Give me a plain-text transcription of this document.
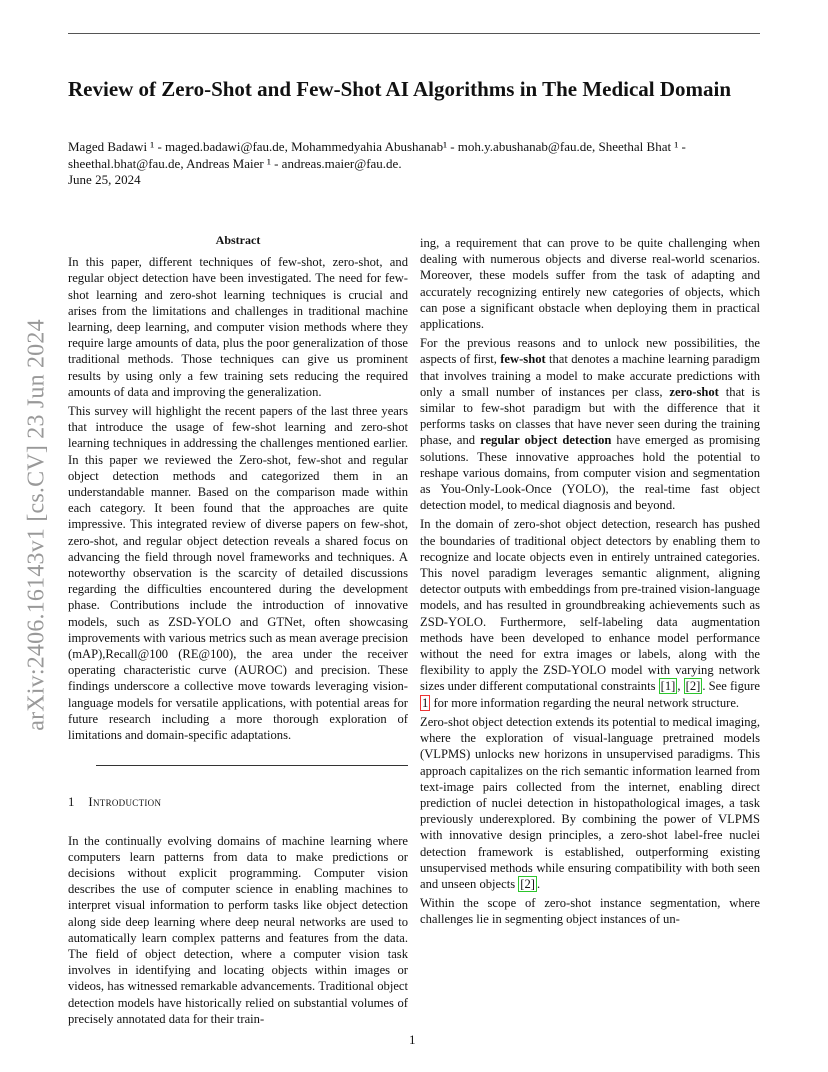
arXiv:2406.16143v1 [cs.CV] 23 Jun 2024
Review of Zero-Shot and Few-Shot AI Algorithms in The Medical Domain
Maged Badawi ¹ - maged.badawi@fau.de, Mohammedyahia Abushanab¹ - moh.y.abushanab@fau.de, Sheethal Bhat ¹ - sheethal.bhat@fau.de, Andreas Maier ¹ - andreas.maier@fau.de.
June 25, 2024

Abstract

In this paper, different techniques of few-shot, zero-shot, and regular object detection have been investigated. The need for few-shot learning and zero-shot learning techniques is crucial and arises from the limitations and challenges in traditional machine learning, deep learning, and computer vision methods where they require large amounts of data, plus the poor generalization of those traditional methods. Those techniques can give us prominent results by using only a few training sets reducing the required amounts of data and improving the generalization.

This survey will highlight the recent papers of the last three years that introduce the usage of few-shot learning and zero-shot learning techniques in addressing the challenges mentioned earlier. In this paper we reviewed the Zero-shot, few-shot and regular object detection methods and categorized them in an understandable manner. Based on the comparison made within each category. It been found that the approaches are quite impressive. This integrated review of diverse papers on few-shot, zero-shot, and regular object detection reveals a shared focus on advancing the field through novel frameworks and techniques. A noteworthy observation is the scarcity of detailed discussions regarding the difficulties encountered during the development phase. Contributions include the introduction of innovative models, such as ZSD-YOLO and GTNet, often showcasing improvements with various metrics such as mean average precision (mAP),Recall@100 (RE@100), the area under the receiver operating characteristic curve (AUROC) and precision. These findings underscore a collective move towards leveraging vision-language models for versatile applications, with potential areas for future research including a more thorough exploration of limitations and domain-specific adaptations.

1 Introduction

In the continually evolving domains of machine learning where computers learn patterns from data to make predictions or decisions without explicit programming. Computer vision describes the use of computer science in enabling machines to interpret visual information to perform tasks like object detection along side deep learning where deep neural networks are used to automatically learn complex patterns and features from the data. The field of object detection, where a computer vision task involves in identifying and locating objects within images or videos, has witnessed remarkable advancements. Traditional object detection models have historically relied on substantial volumes of precisely annotated data for their train-

ing, a requirement that can prove to be quite challenging when dealing with numerous objects and diverse real-world scenarios. Moreover, these models suffer from the task of adapting and accurately recognizing entirely new categories of objects, which can pose a significant obstacle when deploying them in practical applications.

For the previous reasons and to unlock new possibilities, the aspects of first, few-shot that denotes a machine learning paradigm that involves training a model to make accurate predictions with only a small number of instances per class, zero-shot that is similar to few-shot paradigm but with the difference that it performs tasks on classes that have never seen during the training phase, and regular object detection have emerged as promising solutions. These innovative approaches hold the potential to reshape various domains, from computer vision and segmentation as You-Only-Look-Once (YOLO), the real-time fast object detection model, to medical diagnosis and beyond.

In the domain of zero-shot object detection, research has pushed the boundaries of traditional object detectors by enabling them to recognize and locate objects even in entirely untrained categories. This novel paradigm leverages semantic alignment, aligning detector outputs with embeddings from pre-trained vision-language models, and has resulted in groundbreaking achievements such as ZSD-YOLO. Furthermore, self-labeling data augmentation methods have been developed to enhance model performance without the need for extra images or labels, along with the flexibility to apply the ZSD-YOLO model with varying network sizes under different computational constraints [1] , [2] . See figure 1 for more information regarding the neural network structure.

Zero-shot object detection extends its potential to medical imaging, where the exploration of visual-language pretrained models (VLPMS) unlocks new horizons in unsupervised paradigms. This approach capitalizes on the rich semantic information learned from text-image pairs collected from the internet, enabling direct prediction of nuclei detection in histopathological images, a task previously underexplored. By combining the power of VLPMS with innovative design principles, a zero-shot label-free nuclei detection framework is established, outperforming existing unsupervised methods while ensuring compatibility with both seen and unseen objects [2] .

Within the scope of zero-shot instance segmentation, where challenges lie in segmenting object instances of un-

1
